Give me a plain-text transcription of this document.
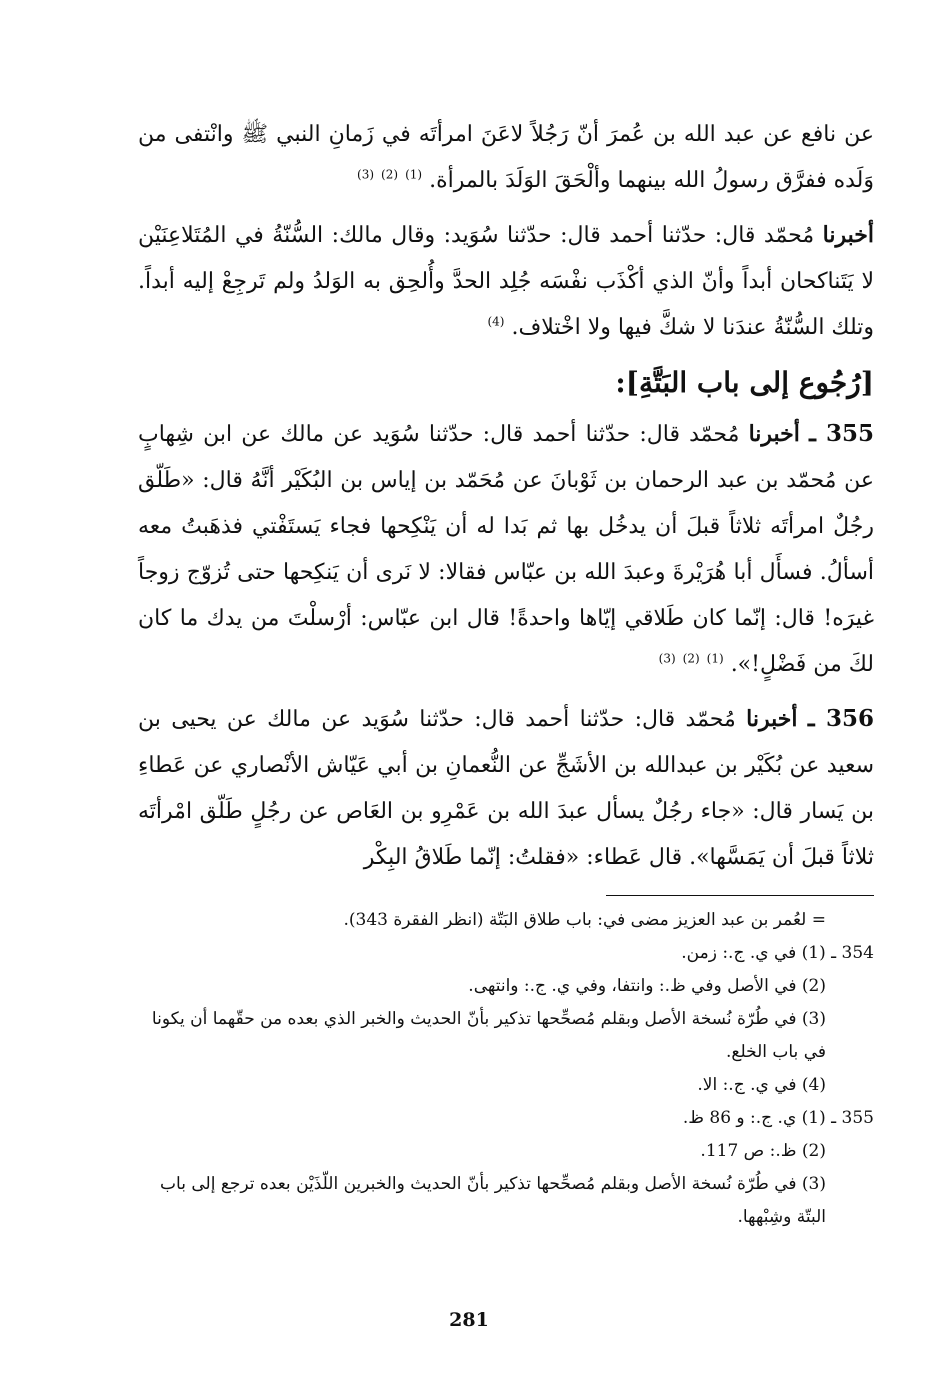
عن نافع عن عبد الله بن عُمرَ أنّ رَجُلاً لاعَنَ امرأتَه في زَمانِ النبي ﷺ وانْتفى من وَلَده ففرَّق رسولُ الله بينهما وألْحَقَ الوَلَدَ بالمرأة. $^{(1)}$ $^{(2)}$ $^{(3)}$

أخبرنا مُحمّد قال: حدّثنا أحمد قال: حدّثنا سُوَيد: وقال مالك: السُّنّةُ في المُتَلاعِنَيْن لا يَتَناكحان أبداً وأنّ الذي أكْذَب نفْسَه جُلِد الحدَّ وأُلحِق به الوَلدُ ولم تَرجِعْ إليه أبداً. وتلك السُّنّةُ عندَنا لا شكَّ فيها ولا اخْتلاف. $^{(4)}$

[رُجُوع إلى باب البَتَّةِ]:

355 ـ أخبرنا مُحمّد قال: حدّثنا أحمد قال: حدّثنا سُوَيد عن مالك عن ابن شِهابٍ عن مُحمّد بن عبد الرحمان بن ثَوْبانَ عن مُحَمّد بن إياس بن البُكَيْر أنَّهُ قال: «طَلّق رجُلٌ امرأتَه ثلاثاً قبلَ أن يدخُل بها ثم بَدا له أن يَنْكِحها فجاء يَستَفْتي فذهَبتُ معه أسألُ. فسأَل أبا هُرَيْرةَ وعبدَ الله بن عبّاس فقالا: لا نَرى أن يَنكِحها حتى تُزوّج زوجاً غيرَه! قال: إنّما كان طَلاقي إيّاها واحدةً! قال ابن عبّاس: أرْسلْتَ من يدك ما كان لكَ من فَضْلٍ!». $^{(1)}$ $^{(2)}$ $^{(3)}$

356 ـ أخبرنا مُحمّد قال: حدّثنا أحمد قال: حدّثنا سُوَيد عن مالك عن يحيى بن سعيد عن بُكَيْر بن عبدالله بن الأشَجِّ عن النُّعمانِ بن أبي عَيّاش الأنْصاري عن عَطاءِ بن يَسار قال: «جاء رجُلٌ يسأل عبدَ الله بن عَمْرِو بن العَاص عن رجُلٍ طَلّق امْرأتَه ثلاثاً قبلَ أن يَمَسَّها». قال عَطاء: «فقلتُ: إنّما طَلاقُ البِكْر

= لعُمر بن عبد العزيز مضى في: باب طلاق البَتّة (انظر الفقرة 343).

354 ـ (1) في ي. ج.: زمن.

(2) في الأصل وفي ظ.: وانتفا، وفي ي. ج.: وانتهى.

(3) في طُرّة نُسخة الأصل وبقلم مُصحِّحها تذكير بأنّ الحديث والخبر الذي بعده من حقّهما أن يكونا في باب الخلع.

(4) في ي. ج.: الا.

355 ـ (1) ي. ج.: و 86 ظ.

(2) ظ.: ص 117.

(3) في طُرّة نُسخة الأصل وبقلم مُصحِّحها تذكير بأنّ الحديث والخبرين اللّذَيْن بعده ترجع إلى باب البتّة وشِبْهها.

281
